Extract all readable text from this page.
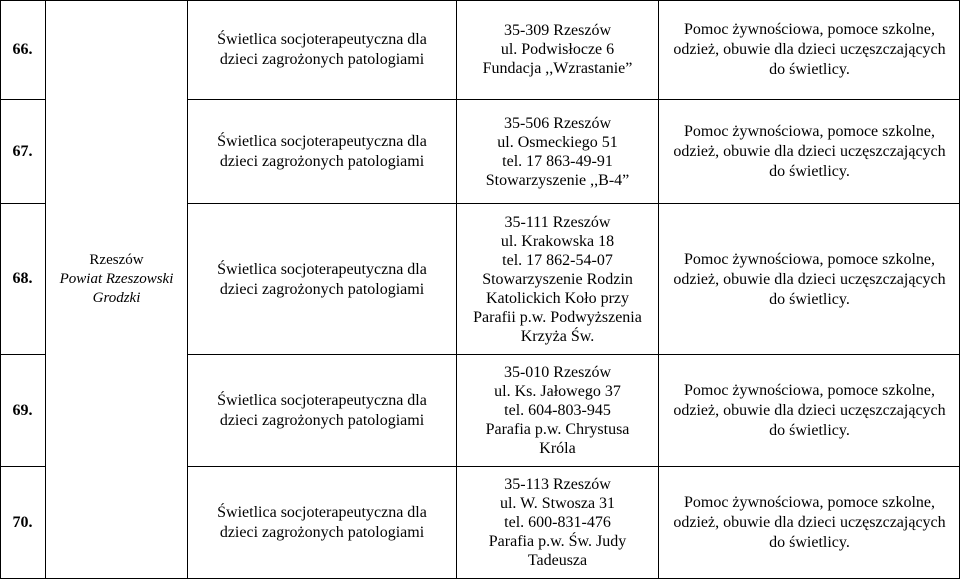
66.
Świetlica socjoterapeutyczna dla
dzieci zagrożonych patologiami
35-309 Rzeszów
ul. Podwisłocze 6
Fundacja ,,Wzrastanie”
Pomoc żywnościowa, pomoce szkolne,
odzież, obuwie dla dzieci uczęszczających
do świetlicy.
67.
Świetlica socjoterapeutyczna dla
dzieci zagrożonych patologiami
35-506 Rzeszów
ul. Osmeckiego 51
tel. 17 863-49-91
Stowarzyszenie ,,B-4”
Pomoc żywnościowa, pomoce szkolne,
odzież, obuwie dla dzieci uczęszczających
do świetlicy.
Rzeszów
Powiat Rzeszowski
Grodzki
68.
Świetlica socjoterapeutyczna dla
dzieci zagrożonych patologiami
35-111 Rzeszów
ul. Krakowska 18
tel. 17 862-54-07
Stowarzyszenie Rodzin
Katolickich Koło przy
Parafii p.w. Podwyższenia
Krzyża Św.
Pomoc żywnościowa, pomoce szkolne,
odzież, obuwie dla dzieci uczęszczających
do świetlicy.
69.
Świetlica socjoterapeutyczna dla
dzieci zagrożonych patologiami
35-010 Rzeszów
ul. Ks. Jałowego 37
tel. 604-803-945
Parafia p.w. Chrystusa
Króla
Pomoc żywnościowa, pomoce szkolne,
odzież, obuwie dla dzieci uczęszczających
do świetlicy.
70.
Świetlica socjoterapeutyczna dla
dzieci zagrożonych patologiami
35-113 Rzeszów
ul. W. Stwosza 31
tel. 600-831-476
Parafia p.w. Św. Judy
Tadeusza
Pomoc żywnościowa, pomoce szkolne,
odzież, obuwie dla dzieci uczęszczających
do świetlicy.
